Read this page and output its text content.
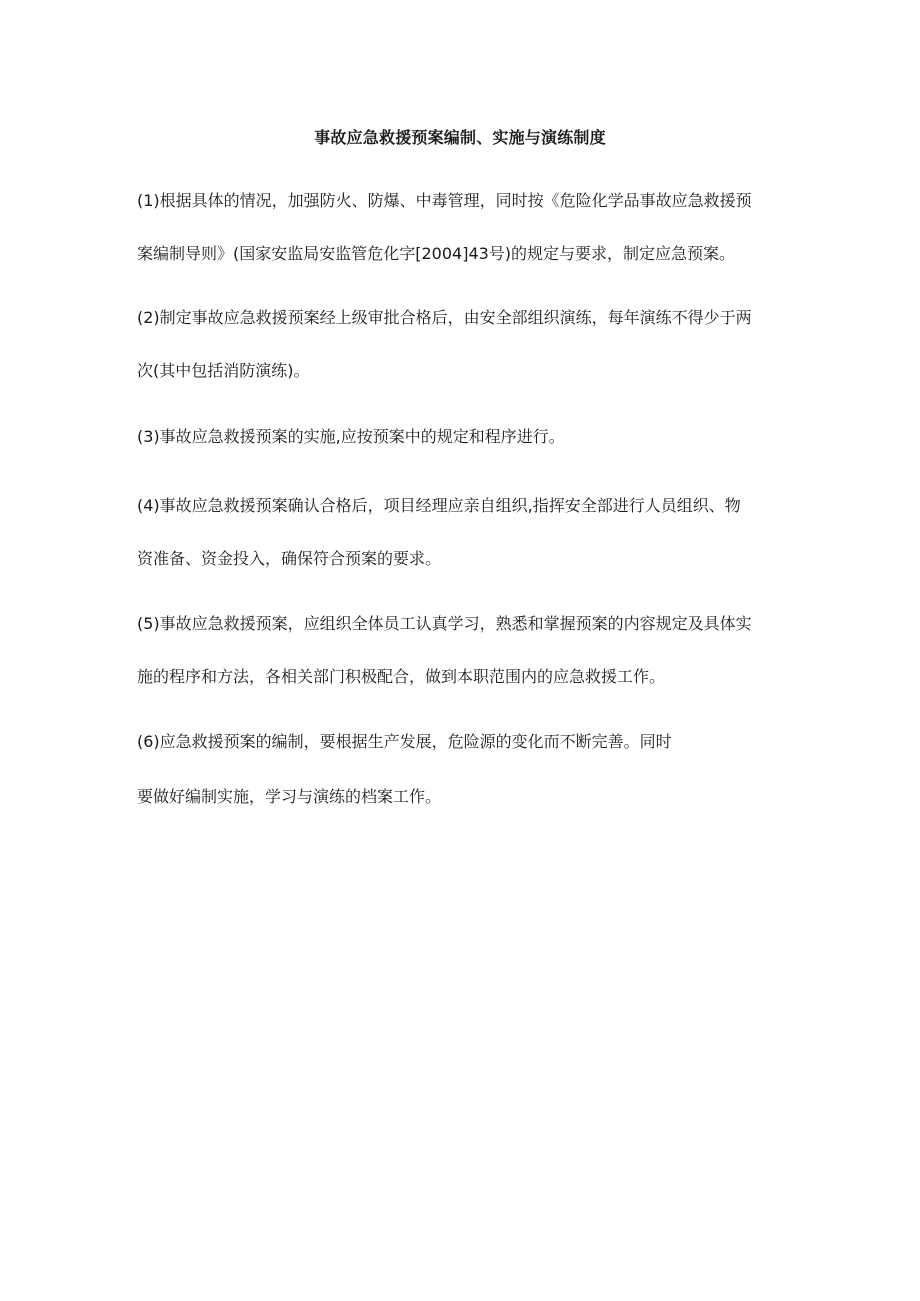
事故应急救援预案编制、实施与演练制度
(1)根据具体的情况，加强防火、防爆、中毒管理，同时按《危险化学品事故应急救援预
案编制导则》(国家安监局安监管危化字[2004]43号)的规定与要求，制定应急预案。
(2)制定事故应急救援预案经上级审批合格后，由安全部组织演练，每年演练不得少于两
次(其中包括消防演练)。
(3)事故应急救援预案的实施,应按预案中的规定和程序进行。
(4)事故应急救援预案确认合格后，项目经理应亲自组织,指挥安全部进行人员组织、物
资准备、资金投入，确保符合预案的要求。
(5)事故应急救援预案，应组织全体员工认真学习，熟悉和掌握预案的内容规定及具体实
施的程序和方法，各相关部门积极配合，做到本职范围内的应急救援工作。
(6)应急救援预案的编制，要根据生产发展，危险源的变化而不断完善。同时
要做好编制实施，学习与演练的档案工作。
